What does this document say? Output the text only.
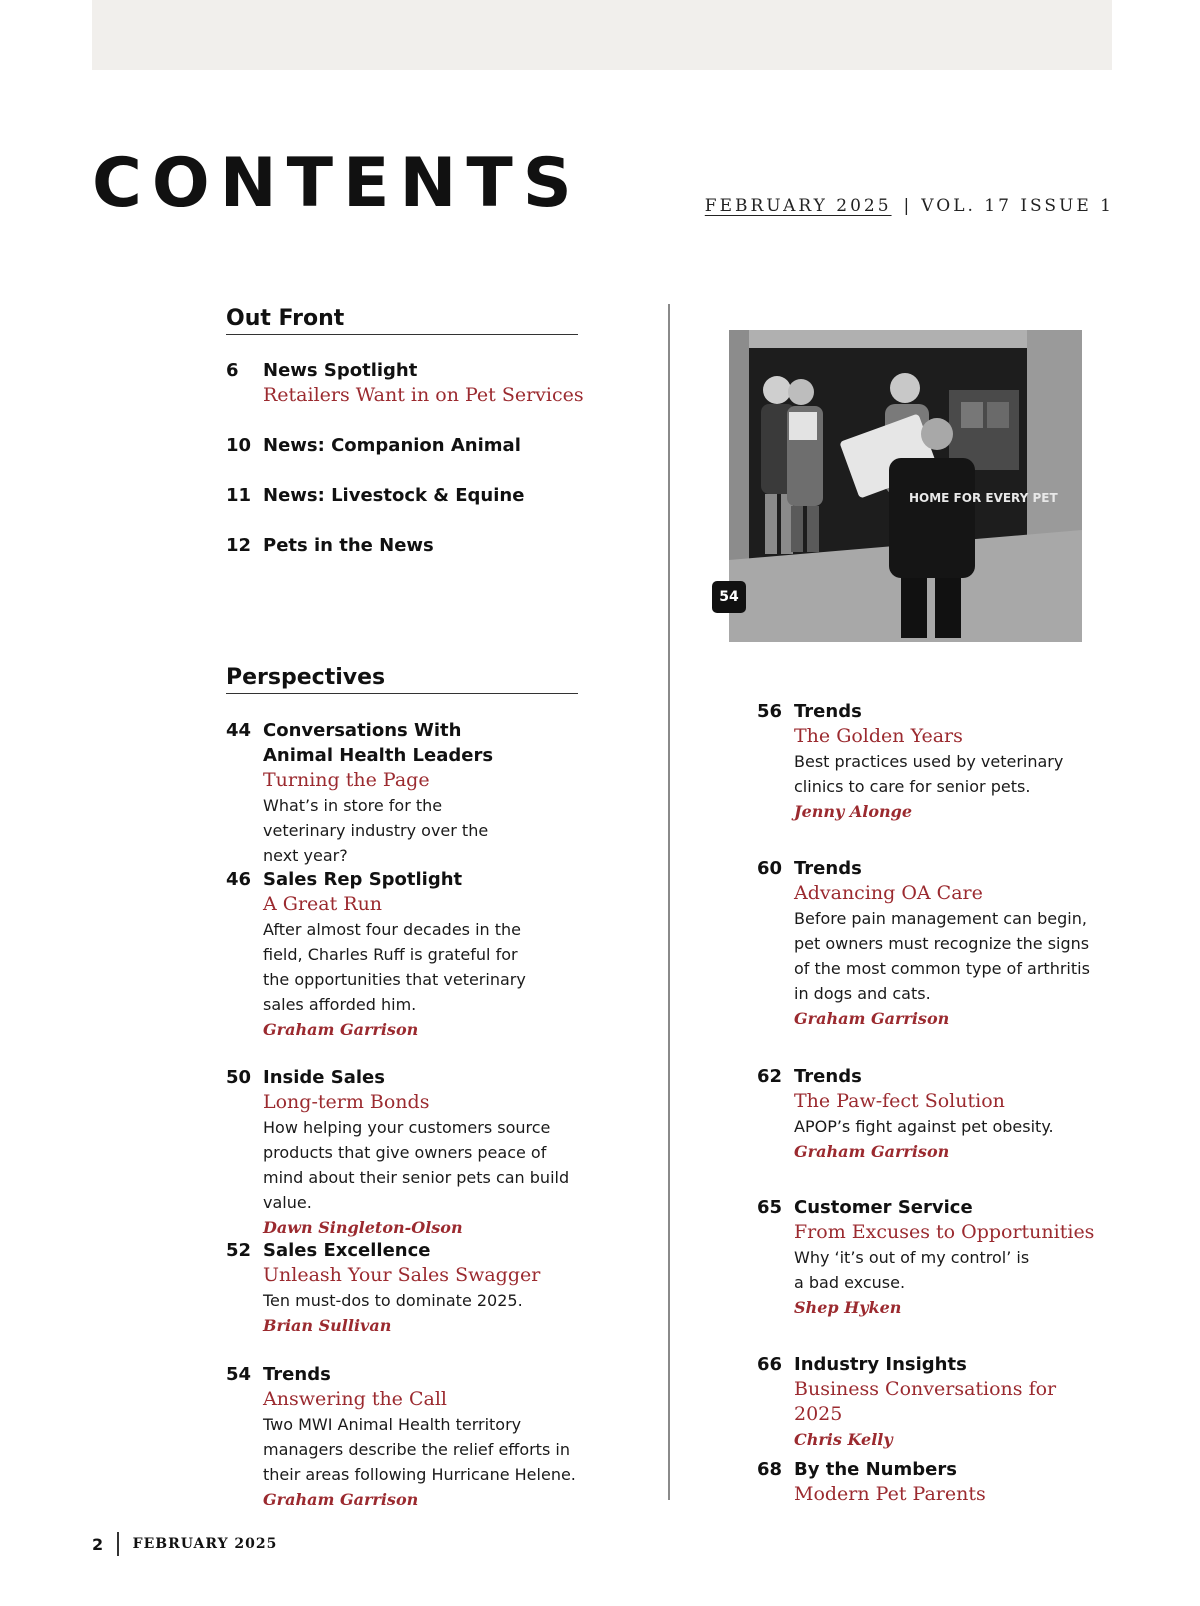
CONTENTS	FEBRUARY 2025 | VOL. 17 ISSUE 1
Out Front
6	News Spotlight
Retailers Want in on Pet Services
10 News: Companion Animal
11 News: Livestock & Equine
12 Pets in the News
Perspectives
44 Conversations With Animal Health Leaders
Turning the Page
What’s in store for the veterinary industry over the next year?
46 Sales Rep Spotlight
A Great Run
After almost four decades in the field, Charles Ruff is grateful for the opportunities that veterinary sales afforded him.
Graham Garrison
50 Inside Sales
Long-term Bonds
How helping your customers source products that give owners peace of mind about their senior pets can build value.
Dawn Singleton-Olson
52 Sales Excellence
Unleash Your Sales Swagger
Ten must-dos to dominate 2025.
Brian Sullivan
54 Trends
Answering the Call
Two MWI Animal Health territory managers describe the relief efforts in their areas following Hurricane Helene.
Graham Garrison
HOME FOR EVERY PET
54
56 Trends
The Golden Years
Best practices used by veterinary clinics to care for senior pets.
Jenny Alonge
60 Trends
Advancing OA Care
Before pain management can begin, pet owners must recognize the signs of the most common type of arthritis in dogs and cats.
Graham Garrison
62 Trends
The Paw-fect Solution
APOP’s fight against pet obesity.
Graham Garrison
65 Customer Service
From Excuses to Opportunities
Why ‘it’s out of my control’ is a bad excuse.
Shep Hyken
66 Industry Insights
Business Conversations for 2025
Chris Kelly
68 By the Numbers
Modern Pet Parents
2 FEBRUARY 2025
